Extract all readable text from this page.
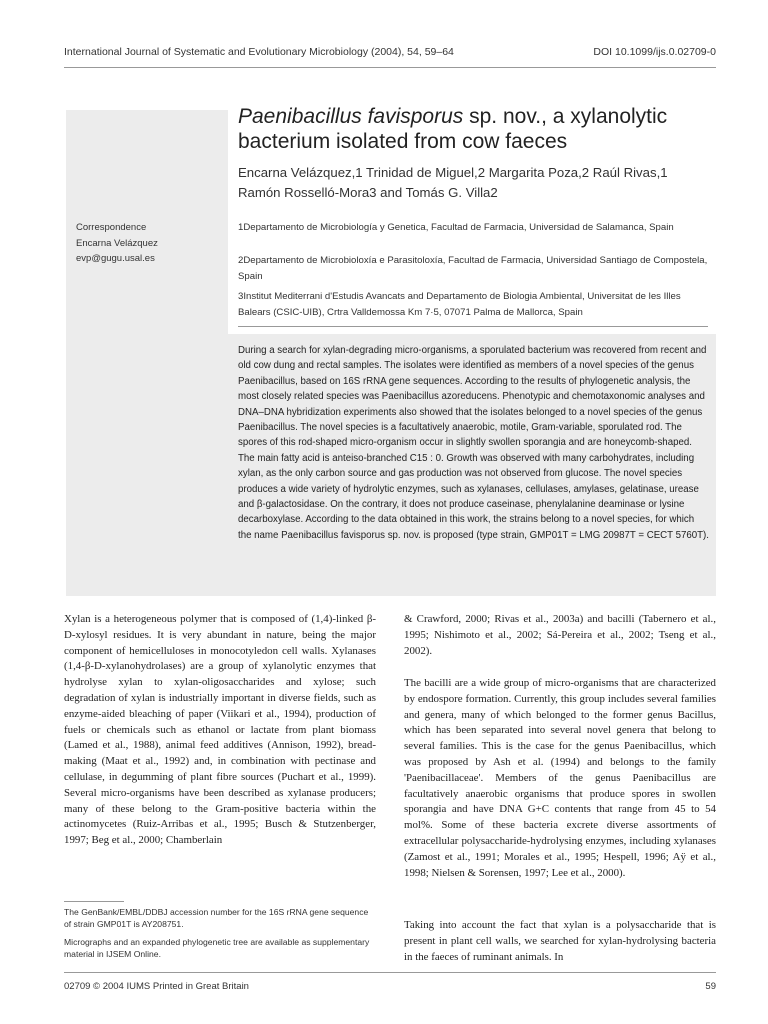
International Journal of Systematic and Evolutionary Microbiology (2004), 54, 59–64	DOI 10.1099/ijs.0.02709-0
Paenibacillus favisporus sp. nov., a xylanolytic bacterium isolated from cow faeces
Encarna Velázquez,1 Trinidad de Miguel,2 Margarita Poza,2 Raúl Rivas,1
Ramón Rosselló-Mora3 and Tomás G. Villa2
Correspondence
Encarna Velázquez
evp@gugu.usal.es
1Departamento de Microbiología y Genetica, Facultad de Farmacia, Universidad de Salamanca, Spain
2Departamento de Microbioloxía e Parasitoloxía, Facultad de Farmacia, Universidad Santiago de Compostela, Spain
3Institut Mediterrani d'Estudis Avancats and Departamento de Biologia Ambiental, Universitat de les Illes Balears (CSIC-UIB), Crtra Valldemossa Km 7·5, 07071 Palma de Mallorca, Spain
During a search for xylan-degrading micro-organisms, a sporulated bacterium was recovered from recent and old cow dung and rectal samples. The isolates were identified as members of a novel species of the genus Paenibacillus, based on 16S rRNA gene sequences. According to the results of phylogenetic analysis, the most closely related species was Paenibacillus azoreducens. Phenotypic and chemotaxonomic analyses and DNA–DNA hybridization experiments also showed that the isolates belonged to a novel species of the genus Paenibacillus. The novel species is a facultatively anaerobic, motile, Gram-variable, sporulated rod. The spores of this rod-shaped micro-organism occur in slightly swollen sporangia and are honeycomb-shaped. The main fatty acid is anteiso-branched C15 : 0. Growth was observed with many carbohydrates, including xylan, as the only carbon source and gas production was not observed from glucose. The novel species produces a wide variety of hydrolytic enzymes, such as xylanases, cellulases, amylases, gelatinase, urease and β-galactosidase. On the contrary, it does not produce caseinase, phenylalanine deaminase or lysine decarboxylase. According to the data obtained in this work, the strains belong to a novel species, for which the name Paenibacillus favisporus sp. nov. is proposed (type strain, GMP01T = LMG 20987T = CECT 5760T).
Xylan is a heterogeneous polymer that is composed of (1,4)-linked β-D-xylosyl residues. It is very abundant in nature, being the major component of hemicelluloses in monocotyledon cell walls. Xylanases (1,4-β-D-xylanohydrolases) are a group of xylanolytic enzymes that hydrolyse xylan to xylan-oligosaccharides and xylose; such degradation of xylan is industrially important in diverse fields, such as enzyme-aided bleaching of paper (Viikari et al., 1994), production of fuels or chemicals such as ethanol or lactate from plant biomass (Lamed et al., 1988), animal feed additives (Annison, 1992), bread-making (Maat et al., 1992) and, in combination with pectinase and cellulase, in degumming of plant fibre sources (Puchart et al., 1999). Several micro-organisms have been described as xylanase producers; many of these belong to the Gram-positive bacteria within the actinomycetes (Ruiz-Arribas et al., 1995; Busch & Stutzenberger, 1997; Beg et al., 2000; Chamberlain
& Crawford, 2000; Rivas et al., 2003a) and bacilli (Tabernero et al., 1995; Nishimoto et al., 2002; Sá-Pereira et al., 2002; Tseng et al., 2002).
The bacilli are a wide group of micro-organisms that are characterized by endospore formation. Currently, this group includes several families and genera, many of which belonged to the former genus Bacillus, which has been separated into several novel genera that belong to several families. This is the case for the genus Paenibacillus, which was proposed by Ash et al. (1994) and belongs to the family 'Paenibacillaceae'. Members of the genus Paenibacillus are facultatively anaerobic organisms that produce spores in swollen sporangia and have DNA G+C contents that range from 45 to 54 mol%. Some of these bacteria excrete diverse assortments of extracellular polysaccharide-hydrolysing enzymes, including xylanases (Zamost et al., 1991; Morales et al., 1995; Hespell, 1996; Aÿ et al., 1998; Nielsen & Sorensen, 1997; Lee et al., 2000).
Taking into account the fact that xylan is a polysaccharide that is present in plant cell walls, we searched for xylan-hydrolysing bacteria in the faeces of ruminant animals. In
The GenBank/EMBL/DDBJ accession number for the 16S rRNA gene sequence of strain GMP01T is AY208751.
Micrographs and an expanded phylogenetic tree are available as supplementary material in IJSEM Online.
02709 © 2004 IUMS Printed in Great Britain	59
